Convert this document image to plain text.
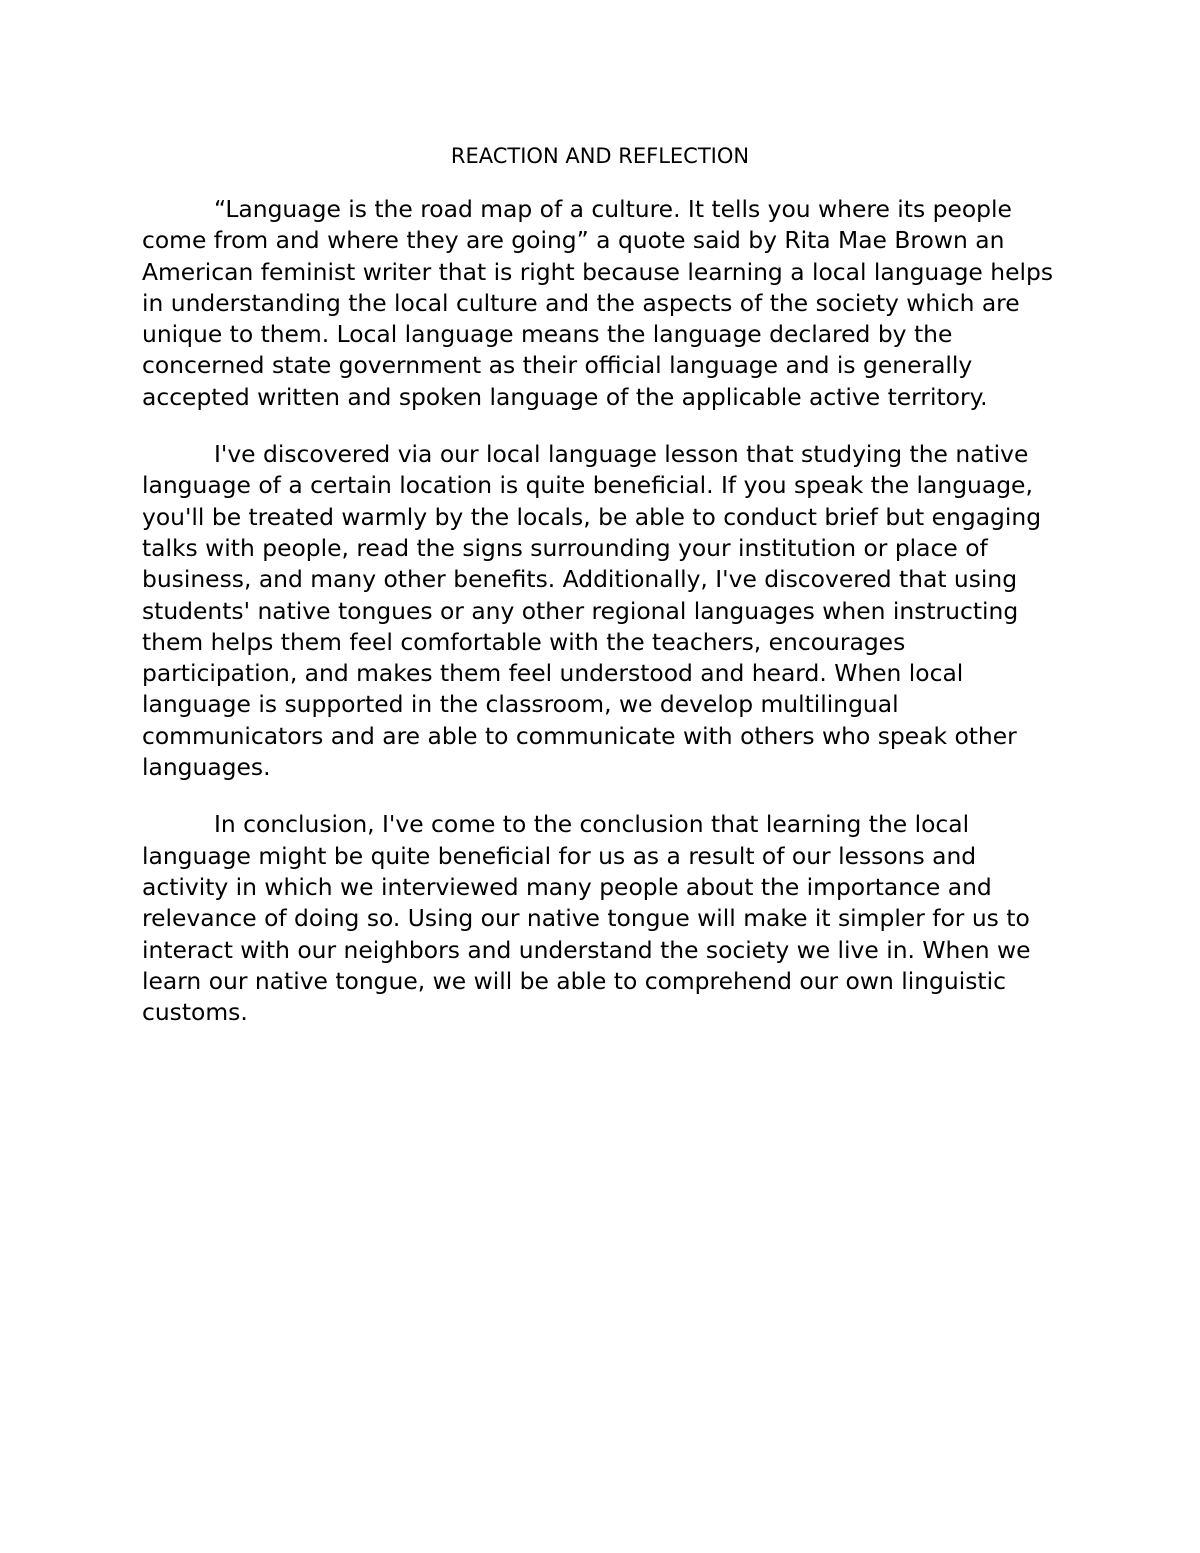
REACTION AND REFLECTION

“Language is the road map of a culture. It tells you where its people
come from and where they are going” a quote said by Rita Mae Brown an
American feminist writer that is right because learning a local language helps
in understanding the local culture and the aspects of the society which are
unique to them. Local language means the language declared by the
concerned state government as their official language and is generally
accepted written and spoken language of the applicable active territory.

I've discovered via our local language lesson that studying the native
language of a certain location is quite beneficial. If you speak the language,
you'll be treated warmly by the locals, be able to conduct brief but engaging
talks with people, read the signs surrounding your institution or place of
business, and many other benefits. Additionally, I've discovered that using
students' native tongues or any other regional languages when instructing
them helps them feel comfortable with the teachers, encourages
participation, and makes them feel understood and heard. When local
language is supported in the classroom, we develop multilingual
communicators and are able to communicate with others who speak other
languages.

In conclusion, I've come to the conclusion that learning the local
language might be quite beneficial for us as a result of our lessons and
activity in which we interviewed many people about the importance and
relevance of doing so. Using our native tongue will make it simpler for us to
interact with our neighbors and understand the society we live in. When we
learn our native tongue, we will be able to comprehend our own linguistic
customs.
